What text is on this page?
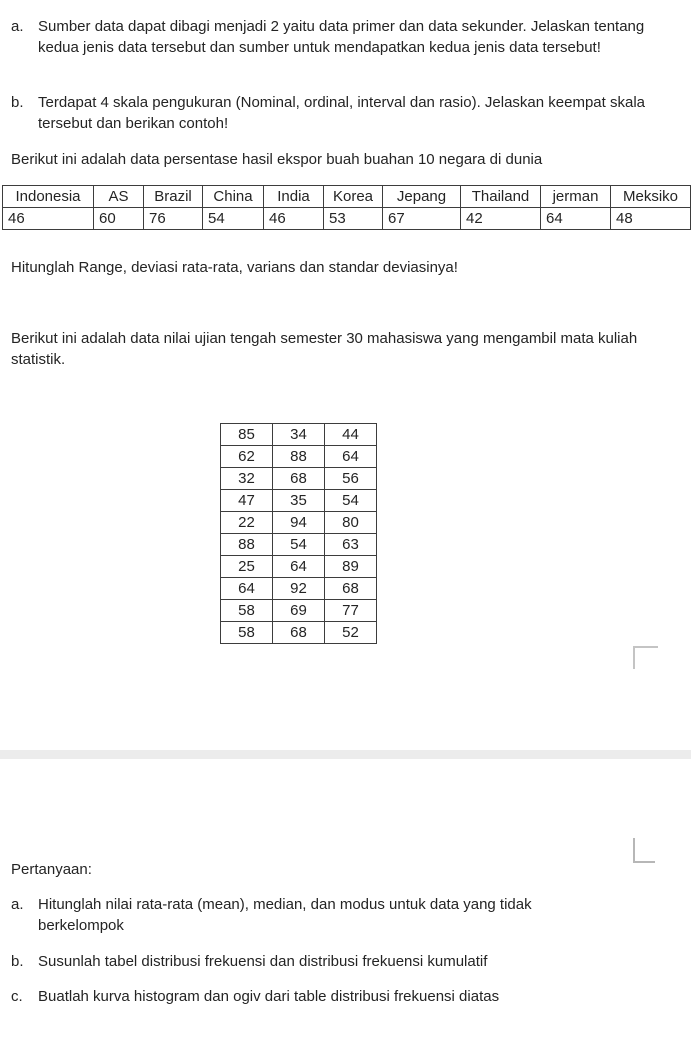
a. Sumber data dapat dibagi menjadi 2 yaitu data primer dan data sekunder. Jelaskan tentang kedua jenis data tersebut dan sumber untuk mendapatkan kedua jenis data tersebut!
b. Terdapat 4 skala pengukuran (Nominal, ordinal, interval dan rasio). Jelaskan keempat skala tersebut dan berikan contoh!
Berikut ini adalah data persentase hasil ekspor buah buahan 10 negara di dunia
Indonesia	AS	Brazil	China	India	Korea	Jepang	Thailand	jerman	Meksiko
46	60	76	54	46	53	67	42	64	48
Hitunglah Range, deviasi rata-rata, varians dan standar deviasinya!
Berikut ini adalah data nilai ujian tengah semester 30 mahasiswa yang mengambil mata kuliah statistik.
85	34	44
62	88	64
32	68	56
47	35	54
22	94	80
88	54	63
25	64	89
64	92	68
58	69	77
58	68	52
Pertanyaan:
a. Hitunglah nilai rata-rata (mean), median, dan modus untuk data yang tidak berkelompok
b. Susunlah tabel distribusi frekuensi dan distribusi frekuensi kumulatif
c.	Buatlah kurva histogram dan ogiv dari table distribusi frekuensi diatas
